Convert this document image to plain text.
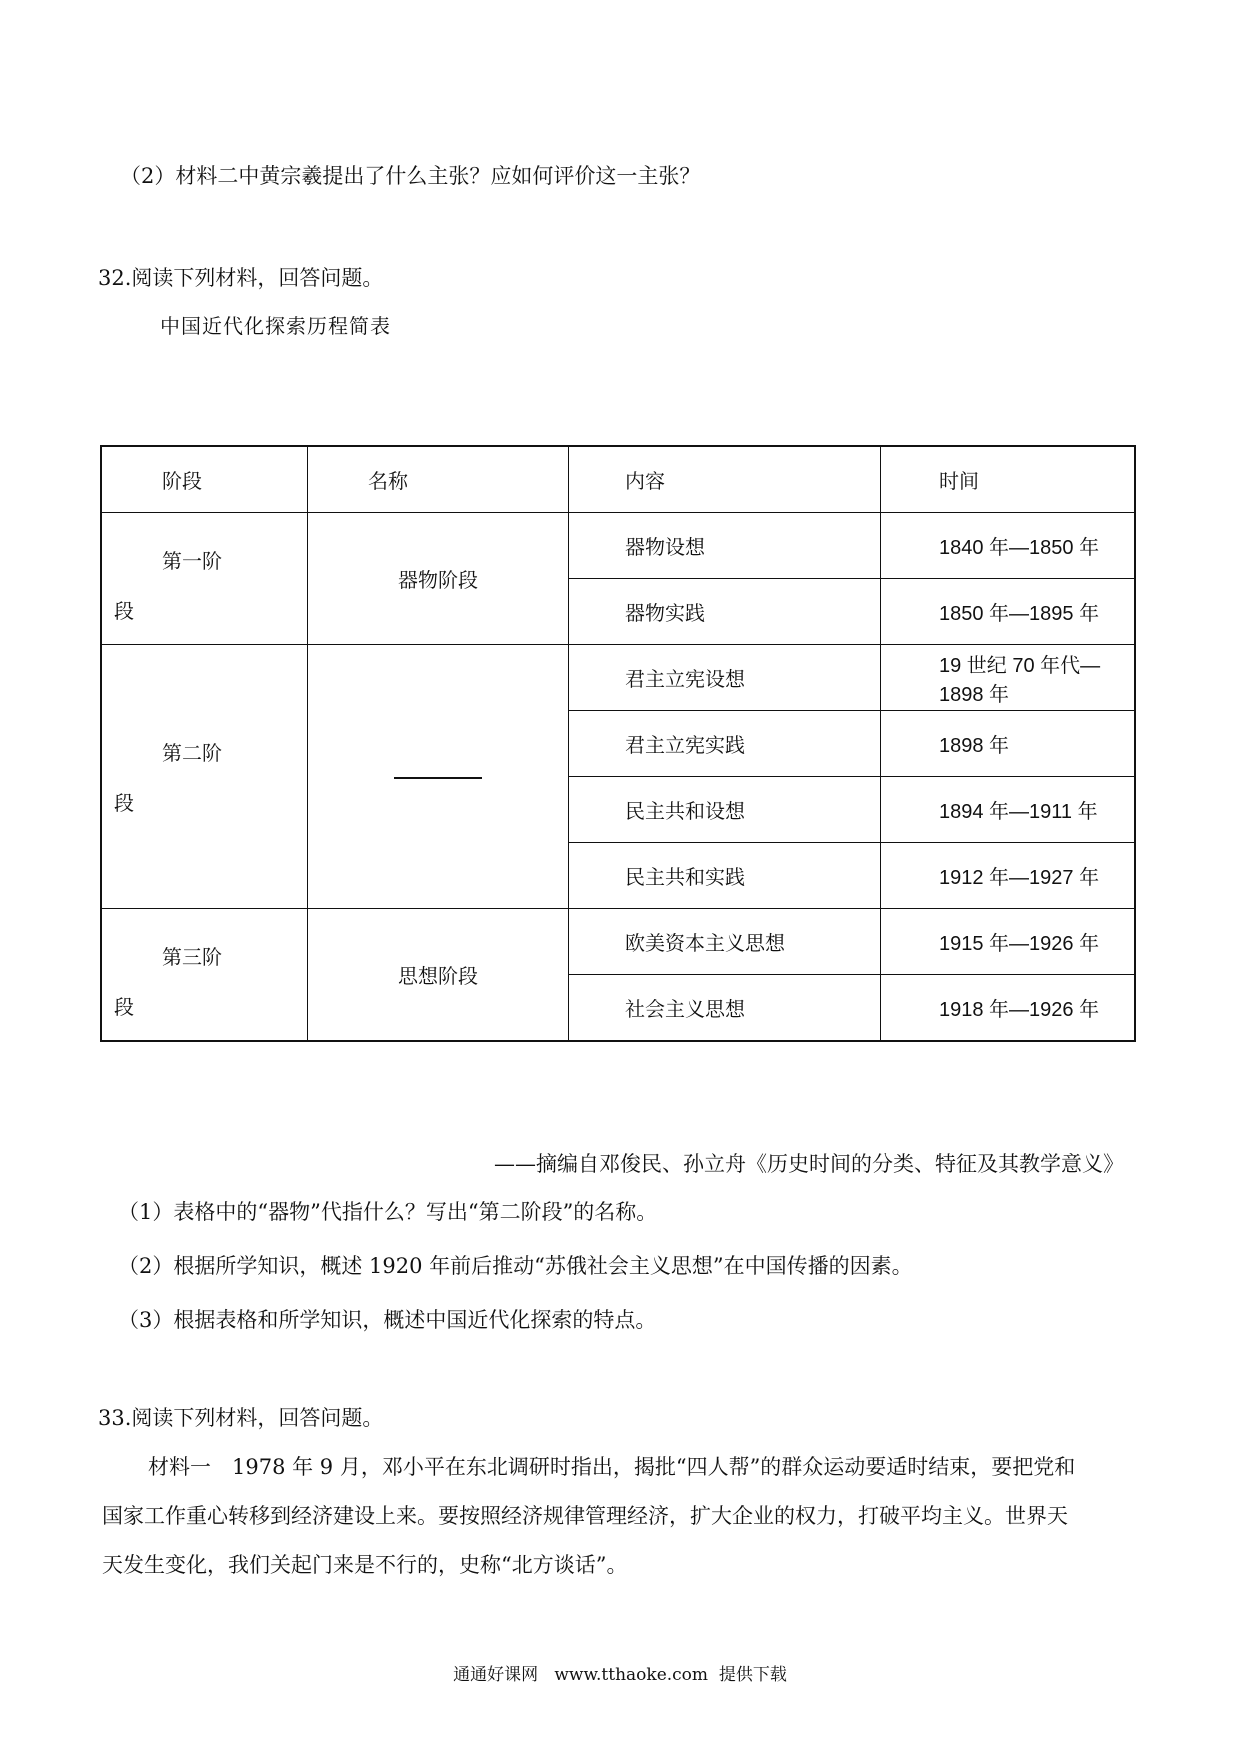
（2）材料二中黄宗羲提出了什么主张？应如何评价这一主张？
32.阅读下列材料，回答问题。
中国近代化探索历程简表
阶段	名称	内容	时间

第一阶
段	器物阶段	器物设想	1840 年—1850 年
		器物实践	1850 年—1895 年

第二阶
段		君主立宪设想	19 世纪 70 年代—1898 年
		君主立宪实践	1898 年
		民主共和设想	1894 年—1911 年
		民主共和实践	1912 年—1927 年

第三阶
段	思想阶段	欧美资本主义思想	1915 年—1926 年
		社会主义思想	1918 年—1926 年
——摘编自邓俊民、孙立舟《历史时间的分类、特征及其教学意义》
（1）表格中的“器物”代指什么？写出“第二阶段”的名称。
（2）根据所学知识，概述 1920 年前后推动“苏俄社会主义思想”在中国传播的因素。
（3）根据表格和所学知识，概述中国近代化探索的特点。
33.阅读下列材料，回答问题。
材料一　1978 年 9 月，邓小平在东北调研时指出，揭批“四人帮”的群众运动要适时结束，要把党和
国家工作重心转移到经济建设上来。要按照经济规律管理经济，扩大企业的权力，打破平均主义。世界天
天发生变化，我们关起门来是不行的，史称“北方谈话”。
通通好课网   www.tthaoke.com  提供下载
